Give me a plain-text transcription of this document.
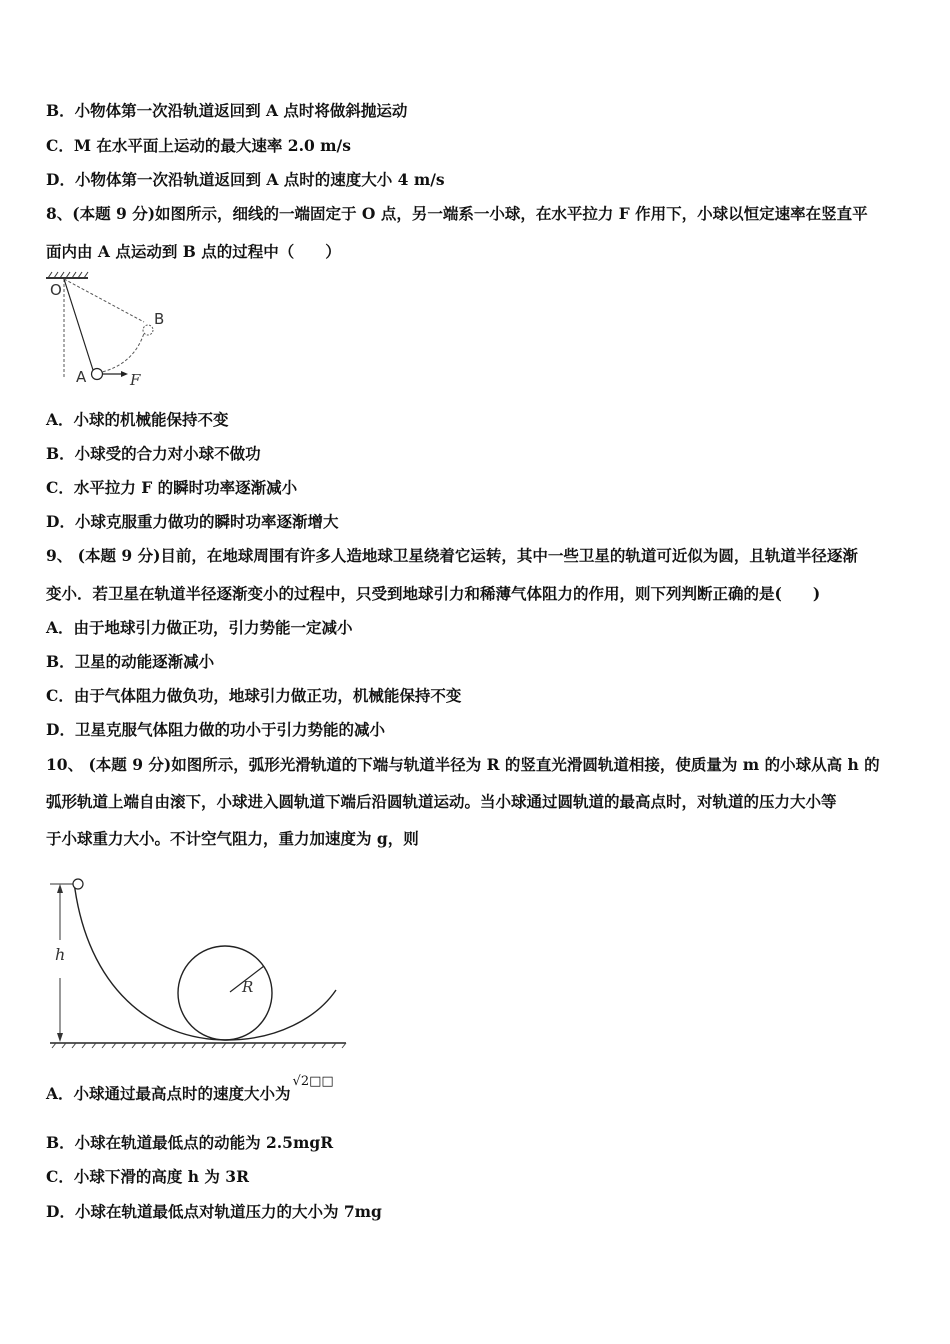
B．小物体第一次沿轨道返回到 A 点时将做斜抛运动
C．M 在水平面上运动的最大速率 2.0 m/s
D．小物体第一次沿轨道返回到 A 点时的速度大小 4 m/s
8、(本题 9 分)如图所示，细线的一端固定于 O 点，另一端系一小球，在水平拉力 F 作用下，小球以恒定速率在竖直平
面内由 A 点运动到 B 点的过程中（　　）
O
A
B
F
A．小球的机械能保持不变
B．小球受的合力对小球不做功
C．水平拉力 F 的瞬时功率逐渐减小
D．小球克服重力做功的瞬时功率逐渐增大
9、 (本题 9 分)目前，在地球周围有许多人造地球卫星绕着它运转，其中一些卫星的轨道可近似为圆，且轨道半径逐渐
变小．若卫星在轨道半径逐渐变小的过程中，只受到地球引力和稀薄气体阻力的作用，则下列判断正确的是(　　)
A．由于地球引力做正功，引力势能一定减小
B．卫星的动能逐渐减小
C．由于气体阻力做负功，地球引力做正功，机械能保持不变
D．卫星克服气体阻力做的功小于引力势能的减小
10、 (本题 9 分)如图所示，弧形光滑轨道的下端与轨道半径为 R 的竖直光滑圆轨道相接，使质量为 m 的小球从高 h 的
弧形轨道上端自由滚下，小球进入圆轨道下端后沿圆轨道运动。当小球通过圆轨道的最高点时，对轨道的压力大小等
于小球重力大小。不计空气阻力，重力加速度为 g，则
h
R
A．小球通过最高点时的速度大小为√2□□
B．小球在轨道最低点的动能为 2.5mgR
C．小球下滑的高度 h 为 3R
D．小球在轨道最低点对轨道压力的大小为 7mg
